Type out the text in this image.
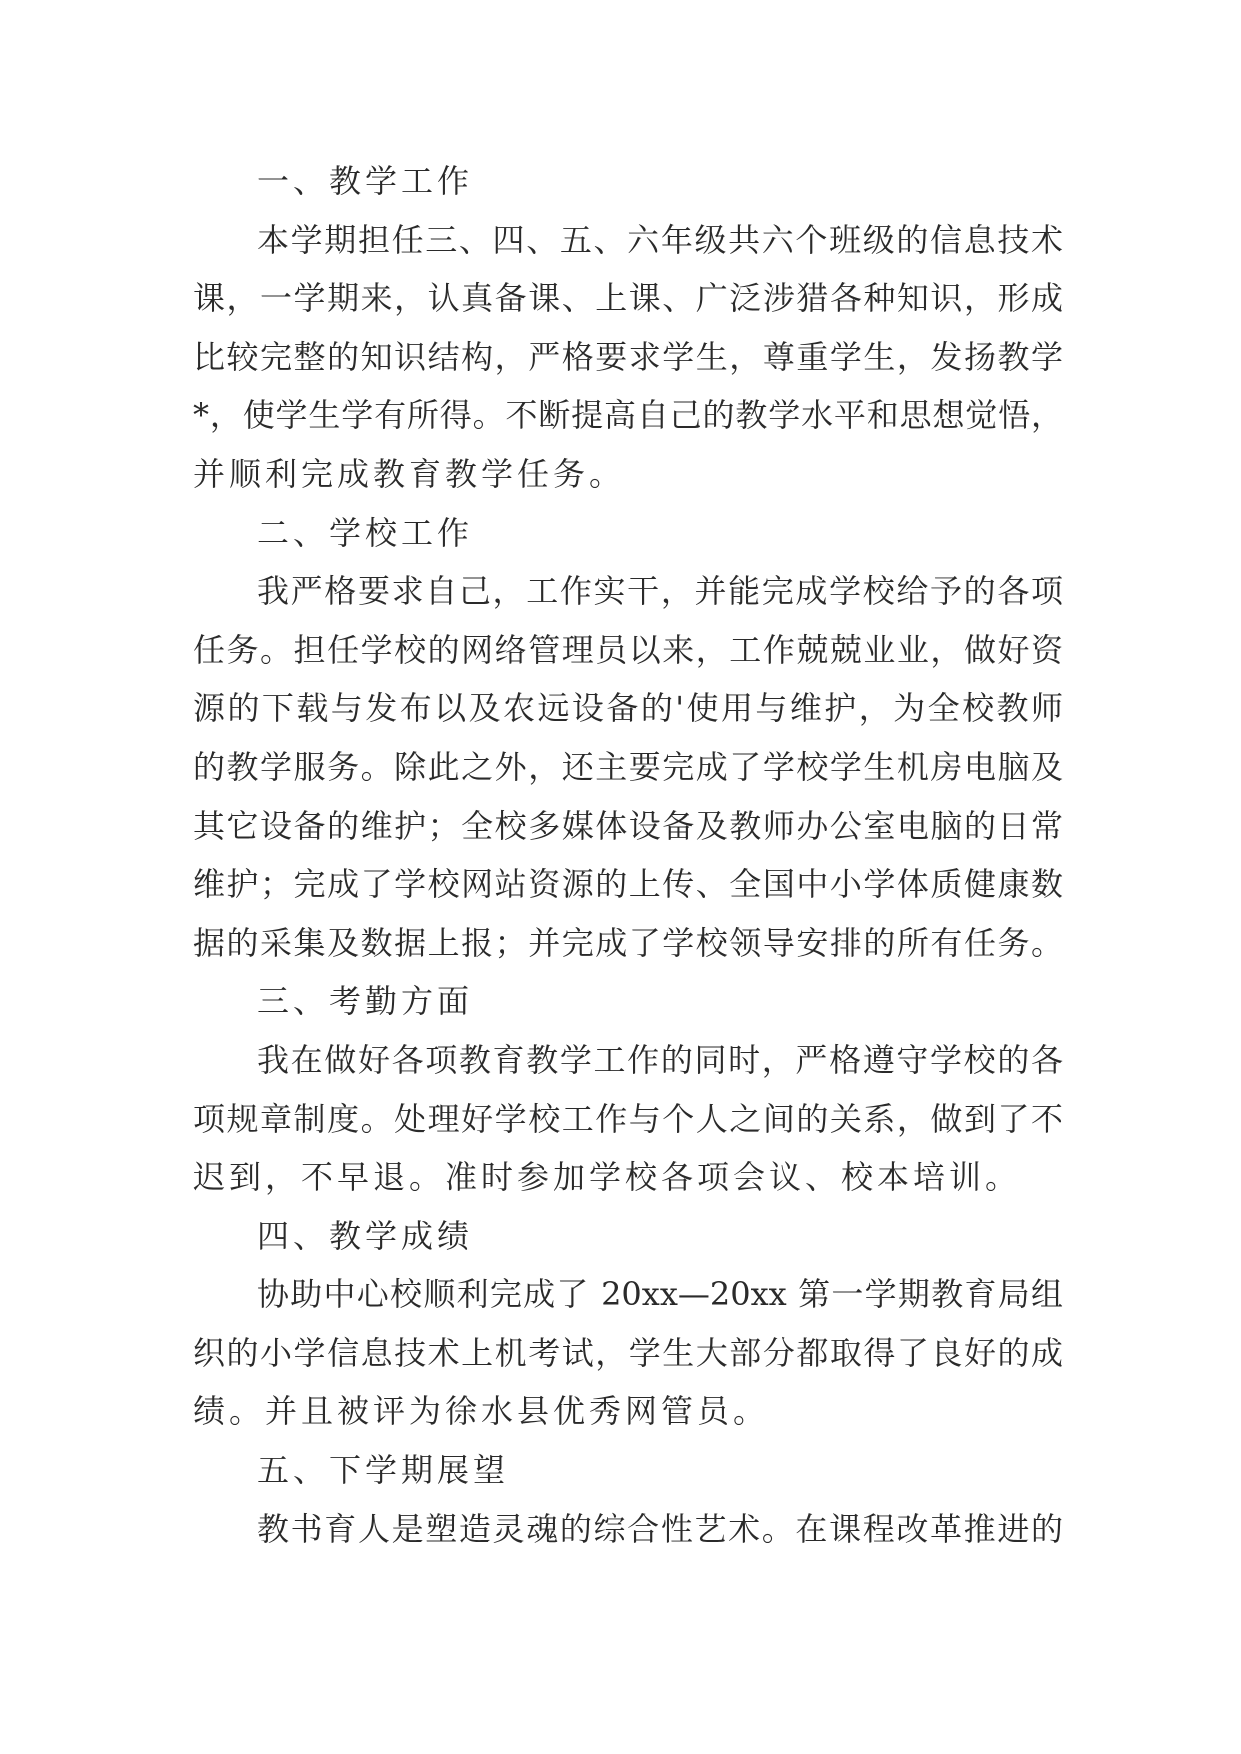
一、教学工作

本学期担任三、四、五、六年级共六个班级的信息技术

课，一学期来，认真备课、上课、广泛涉猎各种知识，形成

比较完整的知识结构，严格要求学生，尊重学生，发扬教学

*，使学生学有所得。不断提高自己的教学水平和思想觉悟，

并顺利完成教育教学任务。

二、学校工作

我严格要求自己，工作实干，并能完成学校给予的各项

任务。担任学校的网络管理员以来，工作兢兢业业，做好资

源的下载与发布以及农远设备的'使用与维护，为全校教师

的教学服务。除此之外，还主要完成了学校学生机房电脑及

其它设备的维护；全校多媒体设备及教师办公室电脑的日常

维护；完成了学校网站资源的上传、全国中小学体质健康数

据的采集及数据上报；并完成了学校领导安排的所有任务。

三、考勤方面

我在做好各项教育教学工作的同时，严格遵守学校的各

项规章制度。处理好学校工作与个人之间的关系，做到了不

迟到，不早退。准时参加学校各项会议、校本培训。

四、教学成绩

协助中心校顺利完成了 20xx—20xx 第一学期教育局组

织的小学信息技术上机考试，学生大部分都取得了良好的成

绩。并且被评为徐水县优秀网管员。

五、下学期展望

教书育人是塑造灵魂的综合性艺术。在课程改革推进的
